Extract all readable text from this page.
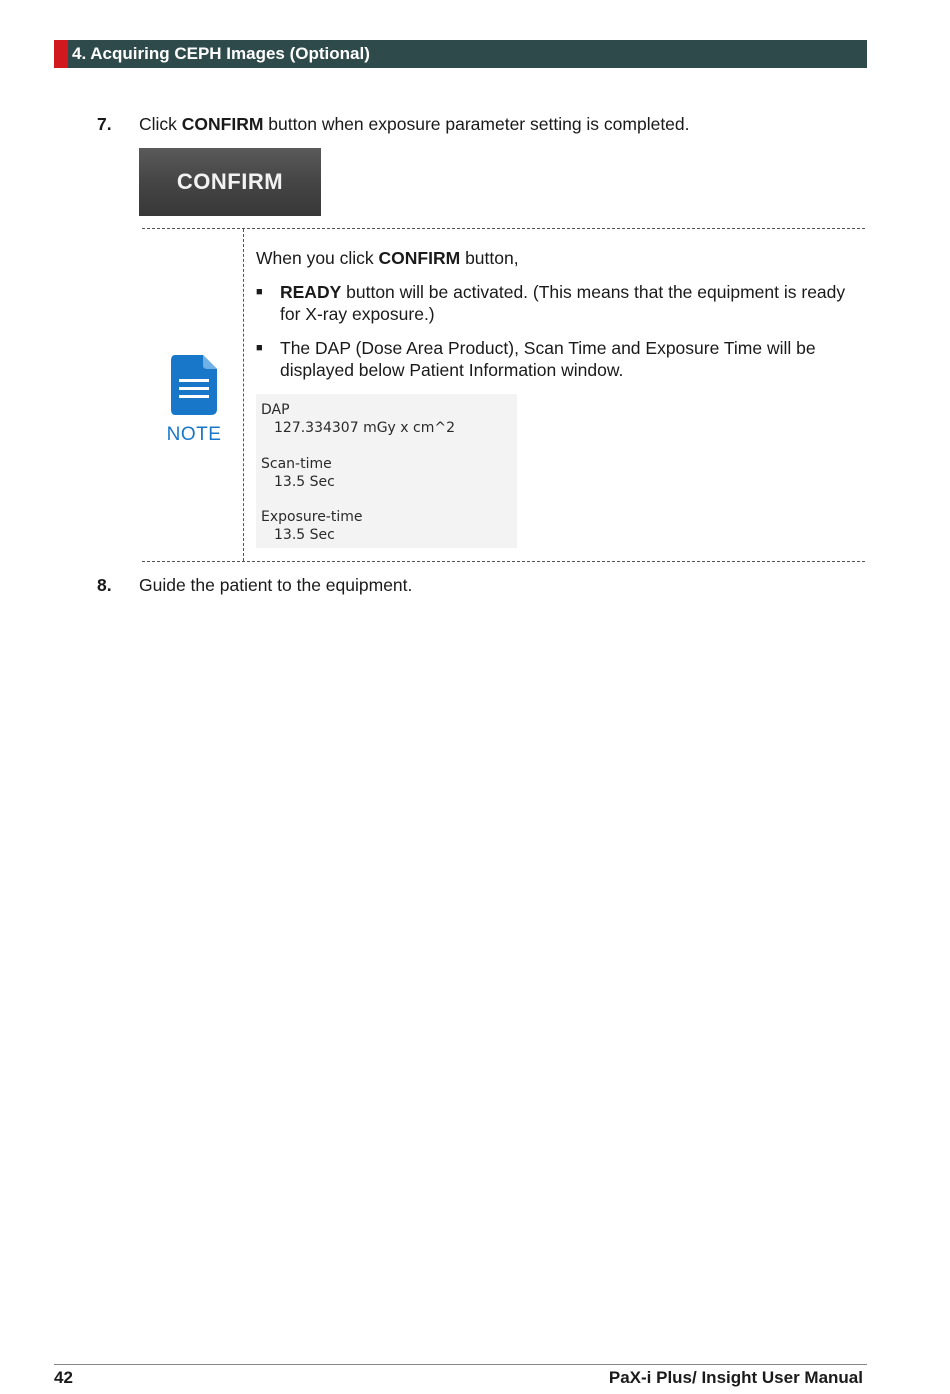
4. Acquiring CEPH Images (Optional)
7.	Click CONFIRM button when exposure parameter setting is completed.
CONFIRM
NOTE

When you click CONFIRM button,

■ READY button will be activated. (This means that the equipment is ready for X-ray exposure.)
■ The DAP (Dose Area Product), Scan Time and Exposure Time will be displayed below Patient Information window.
DAP
127.334307 mGy x cm^2
Scan-time
13.5 Sec
Exposure-time
13.5 Sec
8.	Guide the patient to the equipment.
42	PaX-i Plus/ Insight User Manual
